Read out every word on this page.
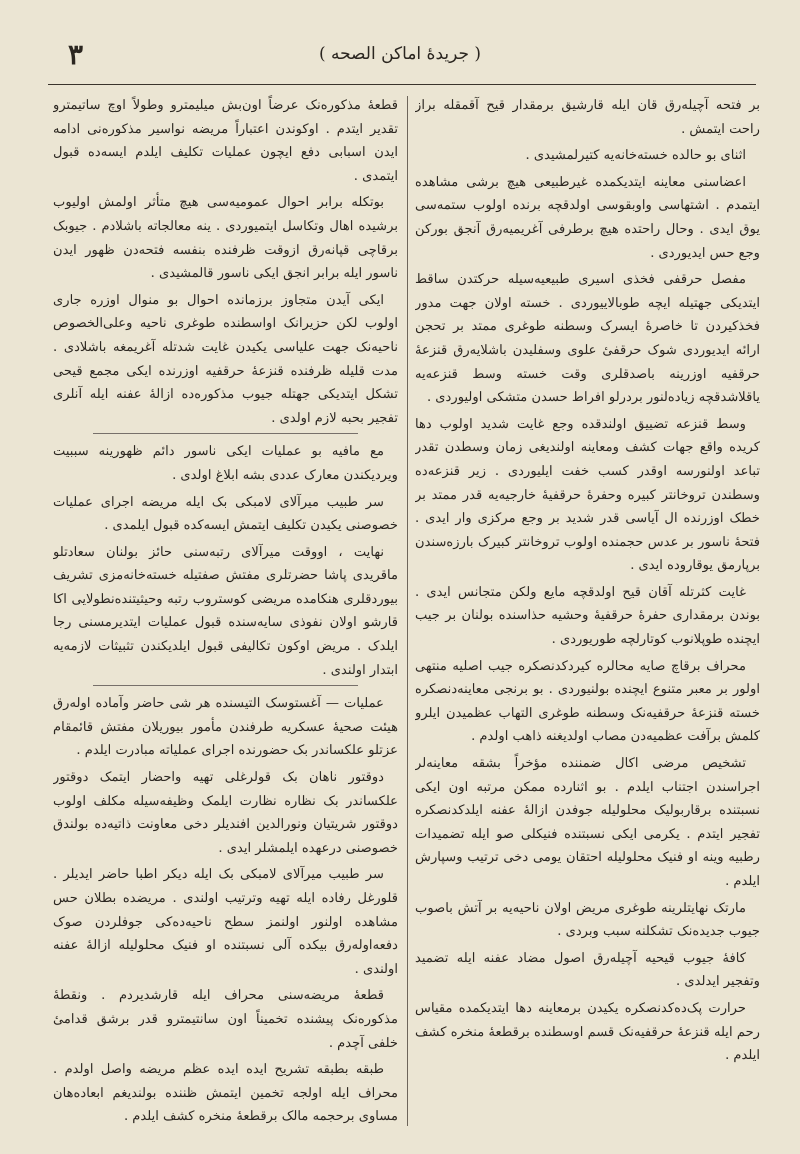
٣	( جریدهٔ اماکن الصحه )

بر فتحه آچیله‌رق قان ایله قارشیق برمقدار قیح آقمقله براز راحت ایتمش .

اثنای بو حالده خسته‌خانه‌یه کتیرلمشیدی .

اعضاسنی معاینه ایتدیکمده غیرطبیعی هیچ برشی مشاهده ایتمدم . اشتهاسی واوبقوسی اولدقچه برنده اولوب ستمه‌سی یوق ایدی . وحال راحتده هیچ برطرفی آغریمیه‌رق آنجق بورکن وجع حس ایدیوردی .

مفصل حرقفی فخذی اسیری طبیعیه‌سیله حرکتدن ساقط ایتدیکی جهتیله ایچه طوبالاییوردی . خسته اولان جهت مدور فخذکیردن تا خاصرهٔ ایسرک وسطنه طوغری ممتد بر تحجن ارائه ایدیوردی شوک حرقفیٔ علوی وسفلیدن باشلایه‌رق قنزعهٔ حرقفیه اوزرینه باصدقلری وقت خسته وسط قنزعه‌یه یاقلاشدقچه زیاده‌لنور بردرلو افراط حسدن متشکی اولیوردی .

وسط قنزعه تضییق اولندقده وجع غایت شدید اولوب دها کریده واقع جهات کشف ومعاینه اولندیغی زمان وسطدن تقدر تباعد اولنورسه اوقدر کسب خفت ایلیوردی . زیر قنزعه‌ده وسطندن تروخانتر کبیره وحفرهٔ حرقفیهٔ خارجیه‌یه قدر ممتد بر خطک اوزرنده ال آیاسی قدر شدید بر وجع مرکزی وار ایدی . فتحهٔ ناسور بر عدس حجمنده اولوب تروخانتر کبیرک بارزه‌سندن برپارمق یوقاروده ایدی .

غایت کثرتله آقان قیح اولدقچه مایع ولکن متجانس ایدی . بوندن برمقداری حفرهٔ حرقفیهٔ وحشیه حذاسنده بولنان بر جیب ایچنده طوپلانوب کوتارلچه طوریوردی .

محراف برقاچ صایه محالره کیردکدنصکره جیب اصلیه منتهی اولور بر معبر متنوع ایچنده بولنیوردی . بو برنجی معاینه‌دنصکره خسته قنزعهٔ حرقفیه‌نک وسطنه طوغری التهاب عظمیدن ایلرو کلمش برآفت عظمیه‌دن مصاب اولدیغنه ذاهب اولدم .

تشخیص مرضی اکال ضمننده مؤخراً بشقه معاینه‌لر اجراسندن اجتناب ایلدم . بو اثنارده ممکن مرتبه اون ایکی نسبتنده برقاربولیک محلولیله جوفدن ازالهٔ عفنه ایلدکدنصکره تفجیر ایتدم . یکرمی ایکی نسبتنده فنیکلی صو ایله تضمیدات رطبیه وینه او فنیک محلولیله احتقان یومی دخی ترتیب وسپارش ایلدم .

مارتک نهایتلرینه طوغری مریض اولان ناحیه‌یه بر آتش باصوب جیوب جدیده‌نک تشکلنه سبب وبردی .

کافهٔ جیوب قیحیه آچیله‌رق اصول مضاد عفنه ایله تضمید وتفجیر ایدلدی .

حرارت پک‌ده‌کدنصکره یکیدن برمعاینه دها ایتدیکمده مقیاس رحم ایله قنزعهٔ حرقفیه‌نک قسم اوسطنده برقطعهٔ منخره کشف ایلدم .

قطعهٔ مذکوره‌نک عرضاً اون‌بش میلیمترو وطولاً اوچ ساتیمترو تقدیر ایتدم . اوکوندن اعتباراً مریضه نواسیر مذکوره‌نی ادامه ایدن اسبابی دفع ایچون عملیات تکلیف ایلدم ایسه‌ده قبول ایتمدی .

بوتکله برابر احوال عمومیه‌سی هیچ متأثر اولمش اولیوب برشیده اهال وتکاسل ایتمیوردی . ینه معالجاته باشلادم . جیوبک برقاچی قپانه‌رق ازوقت ظرفنده بنفسه فتحه‌دن ظهور ایدن ناسور ایله برابر انجق ایکی ناسور قالمشیدی .

ایکی آیدن متجاوز برزمانده احوال بو منوال اوزره جاری اولوب لکن حزیرانک اواسطنده طوغری ناحیه وعلی‌الخصوص ناحیه‌نک جهت علیاسی یکیدن غایت شدتله آغریمغه باشلادی . مدت قلیله ظرفنده قنزعهٔ حرقفیه اوزرنده ایکی مجمع قیحی تشکل ایتدیکی جهتله جیوب مذکوره‌ده ازالهٔ عفنه ایله آنلری تفجیر بحبه لازم اولدی .

مع مافیه بو عملیات ایکی ناسور دائم ظهورینه سببیت ویردیکندن معارک عددی بشه ابلاغ اولدی .

سر طبیب میرآلای لامبکی بک ایله مریضه اجرای عملیات خصوصنی یکیدن تکلیف ایتمش ایسه‌کده قبول ایلمدی .

نهایت ، اووقت میرآلای رتبه‌سنی حائز بولنان سعادتلو ماقریدی پاشا حضرتلری مفتش صفتیله خسته‌خانه‌مزی تشریف بیوردقلری هنکامده مریضی کوستروب رتبه وحیثیتنده‌نطولایی اکا قارشو اولان نفوذی سایه‌سنده قبول عملیات ایتدیرمسنی رجا ایلدک . مریض اوکون تکالیفی قبول ایلدیکندن تثبیثات لازمه‌یه ابتدار اولندی .

عملیات — آغستوسک التیسنده هر شی حاضر وآماده اوله‌رق هیئت صحیهٔ عسکریه طرفندن مأمور بیوریلان مفتش قائمقام عزتلو علکساندر بک حضورنده اجرای عملیاته مبادرت ایلدم .

دوقتور ناهان بک قولرغلی تهیه واحضار ایتمک دوقتور علکساندر بک نظاره نظارت ایلمک وظیفه‌سیله مکلف اولوب دوقتور شریتیان ونورالدین افندیلر دخی معاونت ذاتیه‌ده بولندق خصوصنی درعهده ایلمشلر ایدی .

سر طبیب میرآلای لامبکی بک ایله دیکر اطبا حاضر ایدیلر . قلورغل رفاده ایله تهیه وترتیب اولندی . مریضده بطلان حس مشاهده اولنور اولنمز سطح ناحیه‌ده‌کی جوفلردن صوک دفعه‌اوله‌رق بیکده آلی نسبتنده او فنیک محلولیله ازالهٔ عفنه اولندی .

قطعهٔ مریضه‌سنی محراف ایله قارشدیردم . ونقطهٔ مذکوره‌نک پیشنده تخمیناً اون سانتیمترو قدر برشق قدامیٔ خلفی آچدم .

طبقه بطبقه تشریح ایده ایده عظم مریضه واصل اولدم . محراف ایله اولجه تخمین ایتمش ظننده بولندیغم ابعاده‌هان مساوی برحجمه مالک برقطعهٔ منخره کشف ایلدم .
